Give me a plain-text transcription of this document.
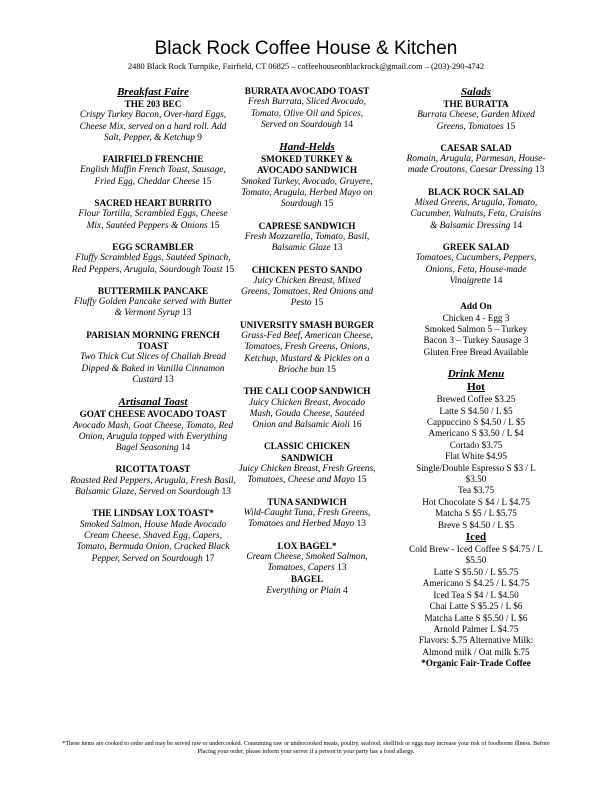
Black Rock Coffee House & Kitchen
2480 Black Rock Turnpike, Fairfield, CT 06825 – coffeehouseonblackrock@gmail.com – (203)-290-4742
Breakfast Faire
THE 203 BEC
Crispy Turkey Bacon, Over-hard Eggs, Cheese Mix, served on a hard roll. Add Salt, Pepper, & Ketchup 9
FAIRFIELD FRENCHIE
English Muffin French Toast, Sausage, Fried Egg, Cheddar Cheese 15
SACRED HEART BURRITO
Flour Tortilla, Scrambled Eggs, Cheese Mix, Sautéed Peppers & Onions 15
EGG SCRAMBLER
Fluffy Scrambled Eggs, Sautéed Spinach, Red Peppers, Arugula, Sourdough Toast 15
BUTTERMILK PANCAKE
Fluffy Golden Pancake served with Butter & Vermont Syrup 13
PARISIAN MORNING FRENCH TOAST
Two Thick Cut Slices of Challah Bread Dipped & Baked in Vanilla Cinnamon Custard 13
Artisanal Toast
GOAT CHEESE AVOCADO TOAST
Avocado Mash, Goat Cheese, Tomato, Red Onion, Arugula topped with Everything Bagel Seasoning 14
RICOTTA TOAST
Roasted Red Peppers, Arugula, Fresh Basil, Balsamic Glaze, Served on Sourdough 13
THE LINDSAY LOX TOAST*
Smoked Salmon, House Made Avocado Cream Cheese, Shaved Egg, Capers, Tomato, Bermuda Onion, Cracked Black Pepper, Served on Sourdough 17
BURRATA AVOCADO TOAST
Fresh Burrata, Sliced Avocado, Tomato, Olive Oil and Spices, Served on Sourdough 14
Hand-Helds
SMOKED TURKEY & AVOCADO SANDWICH
Smoked Turkey, Avocado, Gruyere, Tomato, Arugula, Herbed Mayo on Sourdough 15
CAPRESE SANDWICH
Fresh Mozzarella, Tomato, Basil, Balsamic Glaze 13
CHICKEN PESTO SANDO
Juicy Chicken Breast, Mixed Greens, Tomatoes, Red Onions and Pesto 15
UNIVERSITY SMASH BURGER
Grass-Fed Beef, American Cheese, Tomatoes, Fresh Greens, Onions, Ketchup, Mustard & Pickles on a Brioche bun 15
THE CALI COOP SANDWICH
Juicy Chicken Breast, Avocado Mash, Gouda Cheese, Sautéed Onion and Balsamic Aioli 16
CLASSIC CHICKEN SANDWICH
Juicy Chicken Breast, Fresh Greens, Tomatoes, Cheese and Mayo 15
TUNA SANDWICH
Wild-Caught Tuna, Fresh Greens, Tomatoes and Herbed Mayo 13
LOX BAGEL*
Cream Cheese, Smoked Salmon, Tomatoes, Capers 13
BAGEL
Everything or Plain 4
Salads
THE BURATTA
Burrata Cheese, Garden Mixed Greens, Tomatoes 15
CAESAR SALAD
Romain, Arugula, Parmesan, House-made Croutons, Caesar Dressing 13
BLACK ROCK SALAD
Mixed Greens, Arugula, Tomato, Cucumber, Walnuts, Feta, Craisins & Balsamic Dressing 14
GREEK SALAD
Tomatoes, Cucumbers, Peppers, Onions, Feta, House-made Vinaigrette 14
Add On
Chicken 4 - Egg 3
Smoked Salmon 5 – Turkey
Bacon 3 – Turkey Sausage 3
Gluten Free Bread Available
Drink Menu
Hot
Brewed Coffee $3.25
Latte S $4.50 / L $5
Cappuccino S $4.50 / L $5
Americano S $3.50 / L $4
Cortado $3.75
Flat White $4.95
Single/Double Espresso S $3 / L $3.50
Tea $3.75
Hot Chocolate S $4 / L $4.75
Matcha S $5 / L $5.75
Breve S $4.50 / L $5
Iced
Cold Brew - Iced Coffee S $4.75 / L $5.50
Latte S $5.50 / L $5.75
Americano S $4.25 / L $4.75
Iced Tea S $4 / L $4.50
Chai Latte S $5.25 / L $6
Matcha Latte S $5.50 / L $6
Arnold Palmer L $4.75
Flavors: $.75 Alternative Milk: Almond milk / Oat milk $.75
*Organic Fair-Trade Coffee
*These items are cooked to order and may be served raw or undercooked. Consuming raw or undercooked meats, poultry, seafood, shellfish or eggs may increase your risk of foodborne illness. Before Placing your order, please inform your server if a person in your party has a food allergy.
